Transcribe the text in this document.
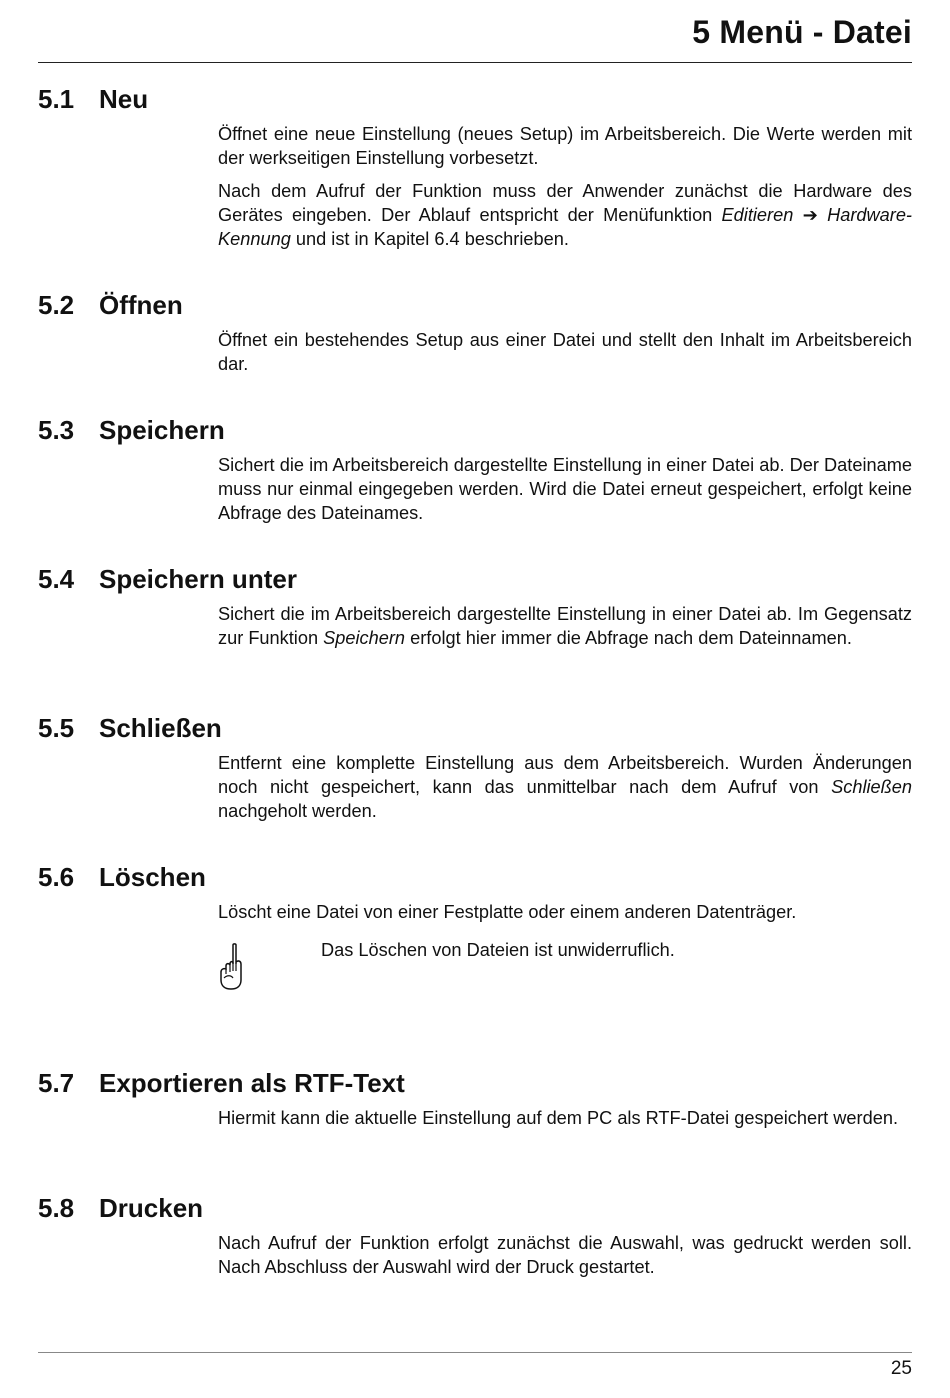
5 Menü - Datei
5.1 Neu

Öffnet eine neue Einstellung (neues Setup) im Arbeitsbereich. Die Werte werden mit der werkseitigen Einstellung vorbesetzt.

Nach dem Aufruf der Funktion muss der Anwender zunächst die Hardware des Gerätes eingeben. Der Ablauf entspricht der Menüfunktion Editieren ➔ Hardware-Kennung und ist in Kapitel 6.4 beschrieben.

5.2 Öffnen

Öffnet ein bestehendes Setup aus einer Datei und stellt den Inhalt im Arbeitsbereich dar.

5.3 Speichern

Sichert die im Arbeitsbereich dargestellte Einstellung in einer Datei ab. Der Dateiname muss nur einmal eingegeben werden. Wird die Datei erneut gespeichert, erfolgt keine Abfrage des Dateinames.

5.4 Speichern unter

Sichert die im Arbeitsbereich dargestellte Einstellung in einer Datei ab. Im Gegensatz zur Funktion Speichern erfolgt hier immer die Abfrage nach dem Dateinnamen.

5.5 Schließen

Entfernt eine komplette Einstellung aus dem Arbeitsbereich. Wurden Änderungen noch nicht gespeichert, kann das unmittelbar nach dem Aufruf von Schließen nachgeholt werden.

5.6 Löschen

Löscht eine Datei von einer Festplatte oder einem anderen Datenträger.

Das Löschen von Dateien ist unwiderruflich.
5.7 Exportieren als RTF-Text

Hiermit kann die aktuelle Einstellung auf dem PC als RTF-Datei gespeichert werden.

5.8 Drucken

Nach Aufruf der Funktion erfolgt zunächst die Auswahl, was gedruckt werden soll. Nach Abschluss der Auswahl wird der Druck gestartet.

25
